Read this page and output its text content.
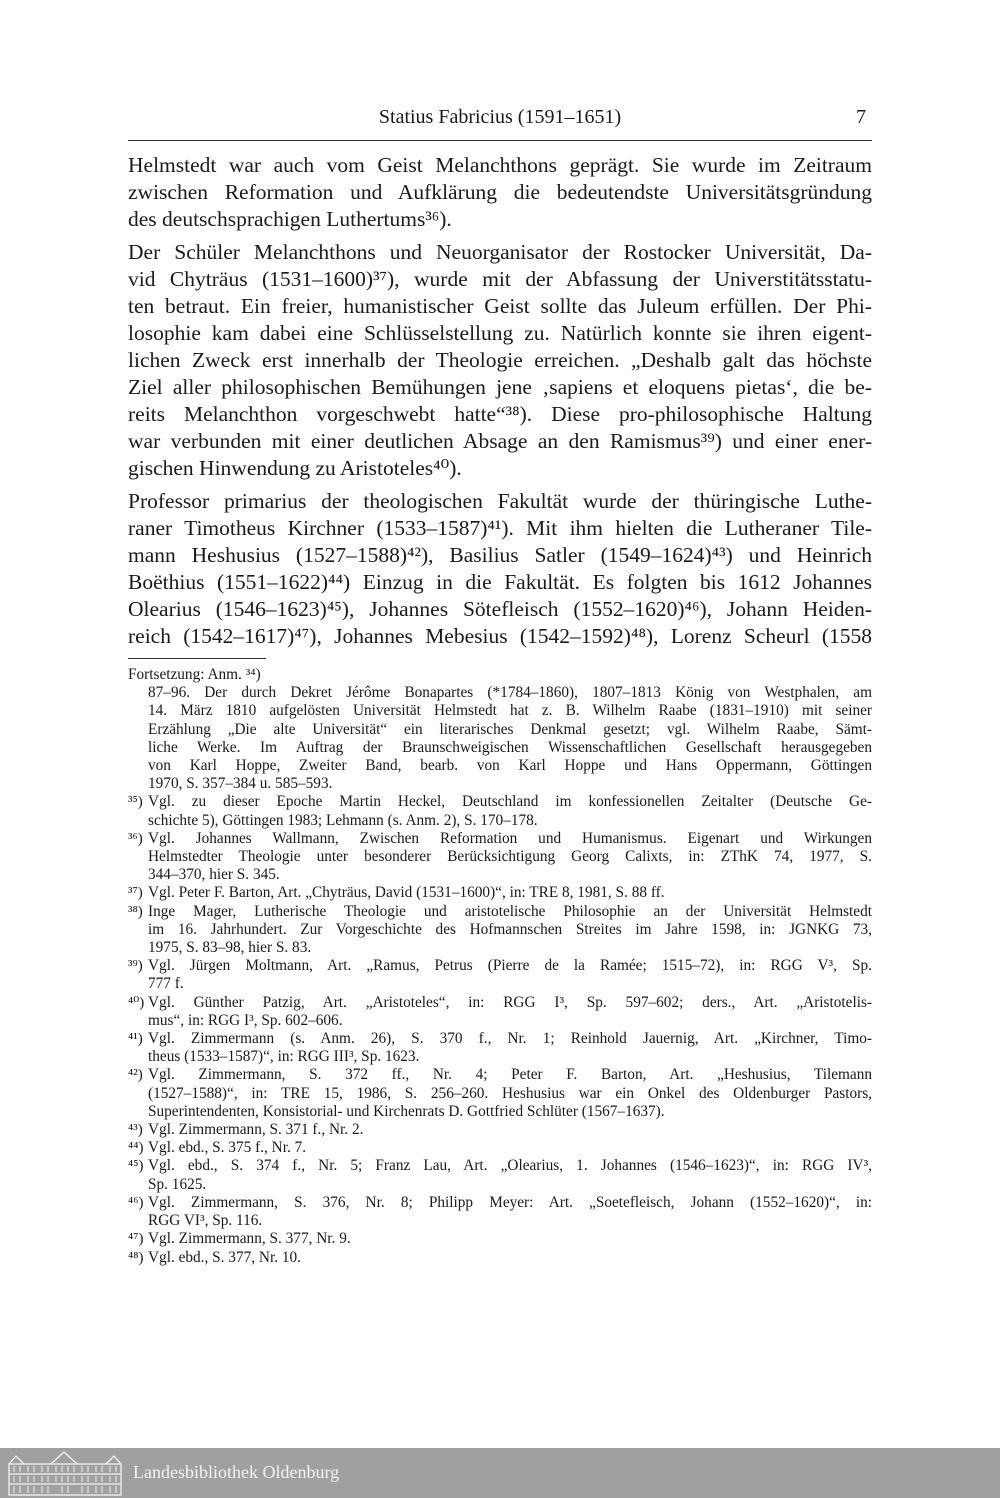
Statius Fabricius (1591–1651)	7
Helmstedt war auch vom Geist Melanchthons geprägt. Sie wurde im Zeitraum
zwischen Reformation und Aufklärung die bedeutendste Universitätsgründung
des deutschsprachigen Luthertums³⁶).
Der Schüler Melanchthons und Neuorganisator der Rostocker Universität, Da-
vid Chyträus (1531–1600)³⁷), wurde mit der Abfassung der Universtitätsstatu-
ten betraut. Ein freier, humanistischer Geist sollte das Juleum erfüllen. Der Phi-
losophie kam dabei eine Schlüsselstellung zu. Natürlich konnte sie ihren eigent-
lichen Zweck erst innerhalb der Theologie erreichen. „Deshalb galt das höchste
Ziel aller philosophischen Bemühungen jene ‚sapiens et eloquens pietas‘, die be-
reits Melanchthon vorgeschwebt hatte“³⁸). Diese pro-philosophische Haltung
war verbunden mit einer deutlichen Absage an den Ramismus³⁹) und einer ener-
gischen Hinwendung zu Aristoteles⁴⁰).
Professor primarius der theologischen Fakultät wurde der thüringische Luthe-
raner Timotheus Kirchner (1533–1587)⁴¹). Mit ihm hielten die Lutheraner Tile-
mann Heshusius (1527–1588)⁴²), Basilius Satler (1549–1624)⁴³) und Heinrich
Boëthius (1551–1622)⁴⁴) Einzug in die Fakultät. Es folgten bis 1612 Johannes
Olearius (1546–1623)⁴⁵), Johannes Sötefleisch (1552–1620)⁴⁶), Johann Heiden-
reich (1542–1617)⁴⁷), Johannes Mebesius (1542–1592)⁴⁸), Lorenz Scheurl (1558
Fortsetzung: Anm. ³⁴)
87–96. Der durch Dekret Jérôme Bonapartes (*1784–1860), 1807–1813 König von Westphalen, am
14. März 1810 aufgelösten Universität Helmstedt hat z. B. Wilhelm Raabe (1831–1910) mit seiner
Erzählung „Die alte Universität“ ein literarisches Denkmal gesetzt; vgl. Wilhelm Raabe, Sämt-
liche Werke. Im Auftrag der Braunschweigischen Wissenschaftlichen Gesellschaft herausgegeben
von Karl Hoppe, Zweiter Band, bearb. von Karl Hoppe und Hans Oppermann, Göttingen
1970, S. 357–384 u. 585–593.
³⁵) Vgl. zu dieser Epoche Martin Heckel, Deutschland im konfessionellen Zeitalter (Deutsche Ge-
schichte 5), Göttingen 1983; Lehmann (s. Anm. 2), S. 170–178.
³⁶) Vgl. Johannes Wallmann, Zwischen Reformation und Humanismus. Eigenart und Wirkungen
Helmstedter Theologie unter besonderer Berücksichtigung Georg Calixts, in: ZThK 74, 1977, S.
344–370, hier S. 345.
³⁷) Vgl. Peter F. Barton, Art. „Chyträus, David (1531–1600)“, in: TRE 8, 1981, S. 88 ff.
³⁸) Inge Mager, Lutherische Theologie und aristotelische Philosophie an der Universität Helmstedt
im 16. Jahrhundert. Zur Vorgeschichte des Hofmannschen Streites im Jahre 1598, in: JGNKG 73,
1975, S. 83–98, hier S. 83.
³⁹) Vgl. Jürgen Moltmann, Art. „Ramus, Petrus (Pierre de la Ramée; 1515–72), in: RGG V³, Sp.
777 f.
⁴⁰) Vgl. Günther Patzig, Art. „Aristoteles“, in: RGG I³, Sp. 597–602; ders., Art. „Aristotelis-
mus“, in: RGG I³, Sp. 602–606.
⁴¹) Vgl. Zimmermann (s. Anm. 26), S. 370 f., Nr. 1; Reinhold Jauernig, Art. „Kirchner, Timo-
theus (1533–1587)“, in: RGG III³, Sp. 1623.
⁴²) Vgl. Zimmermann, S. 372 ff., Nr. 4; Peter F. Barton, Art. „Heshusius, Tilemann
(1527–1588)“, in: TRE 15, 1986, S. 256–260. Heshusius war ein Onkel des Oldenburger Pastors,
Superintendenten, Konsistorial- und Kirchenrats D. Gottfried Schlüter (1567–1637).
⁴³) Vgl. Zimmermann, S. 371 f., Nr. 2.
⁴⁴) Vgl. ebd., S. 375 f., Nr. 7.
⁴⁵) Vgl. ebd., S. 374 f., Nr. 5; Franz Lau, Art. „Olearius, 1. Johannes (1546–1623)“, in: RGG IV³,
Sp. 1625.
⁴⁶) Vgl. Zimmermann, S. 376, Nr. 8; Philipp Meyer: Art. „Soetefleisch, Johann (1552–1620)“, in:
RGG VI³, Sp. 116.
⁴⁷) Vgl. Zimmermann, S. 377, Nr. 9.
⁴⁸) Vgl. ebd., S. 377, Nr. 10.
Landesbibliothek Oldenburg
